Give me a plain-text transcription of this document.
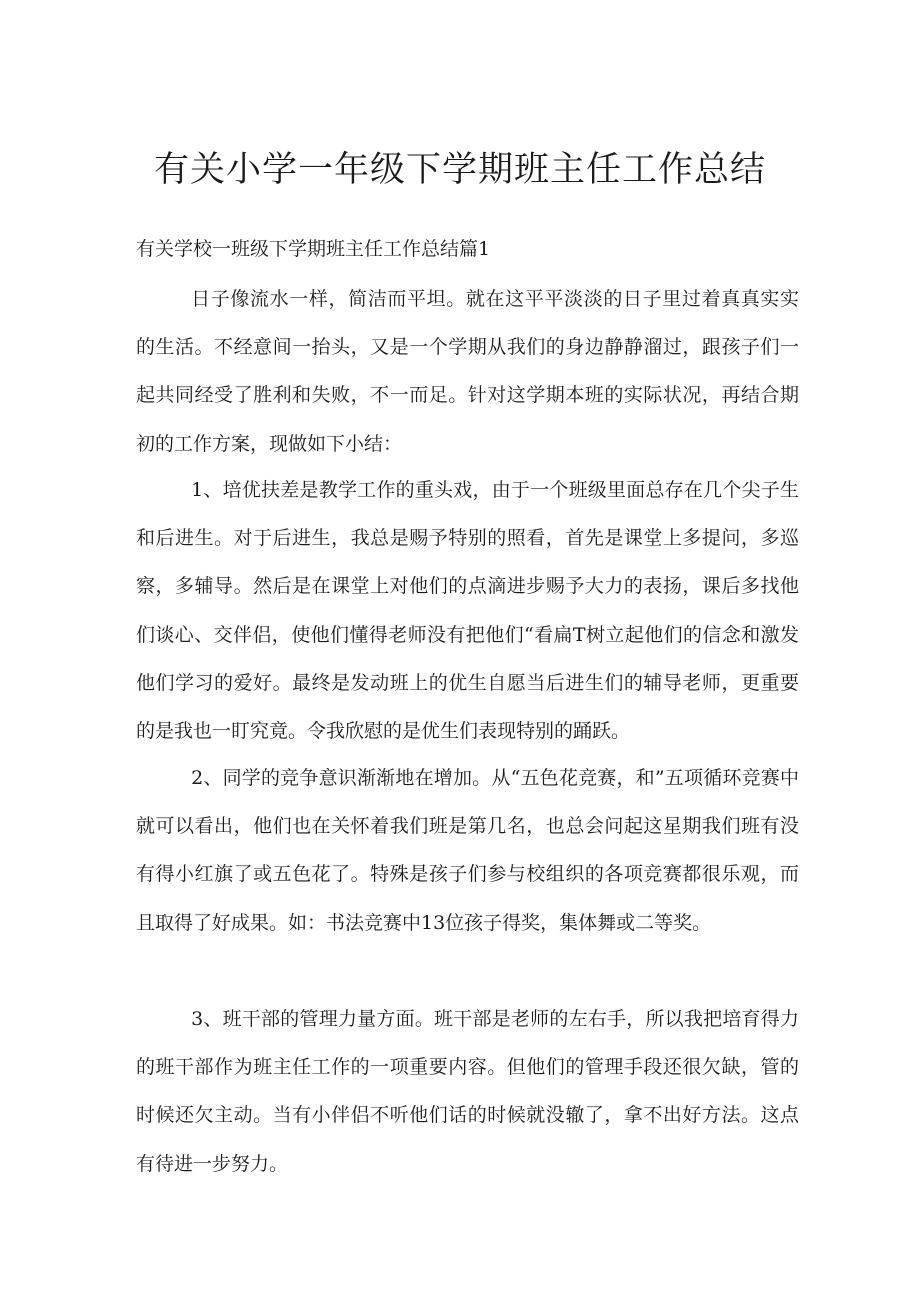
有关小学一年级下学期班主任工作总结
有关学校一班级下学期班主任工作总结篇1

日子像流水一样，简洁而平坦。就在这平平淡淡的日子里过着真真实实的生活。不经意间一抬头，又是一个学期从我们的身边静静溜过，跟孩子们一起共同经受了胜利和失败，不一而足。针对这学期本班的实际状况，再结合期初的工作方案，现做如下小结：

1、培优扶差是教学工作的重头戏，由于一个班级里面总存在几个尖子生和后进生。对于后进生，我总是赐予特别的照看，首先是课堂上多提问，多巡察，多辅导。然后是在课堂上对他们的点滴进步赐予大力的表扬，课后多找他们谈心、交伴侣，使他们懂得老师没有把他们“看扁T树立起他们的信念和激发他们学习的爱好。最终是发动班上的优生自愿当后进生们的辅导老师，更重要的是我也一盯究竟。令我欣慰的是优生们表现特别的踊跃。

2、同学的竞争意识渐渐地在增加。从“五色花竞赛，和”五项循环竞赛中就可以看出，他们也在关怀着我们班是第几名，也总会问起这星期我们班有没有得小红旗了或五色花了。特殊是孩子们参与校组织的各项竞赛都很乐观，而且取得了好成果。如：书法竞赛中13位孩子得奖，集体舞或二等奖。

3、班干部的管理力量方面。班干部是老师的左右手，所以我把培育得力的班干部作为班主任工作的一项重要内容。但他们的管理手段还很欠缺，管的时候还欠主动。当有小伴侣不听他们话的时候就没辙了，拿不出好方法。这点有待进一步努力。
